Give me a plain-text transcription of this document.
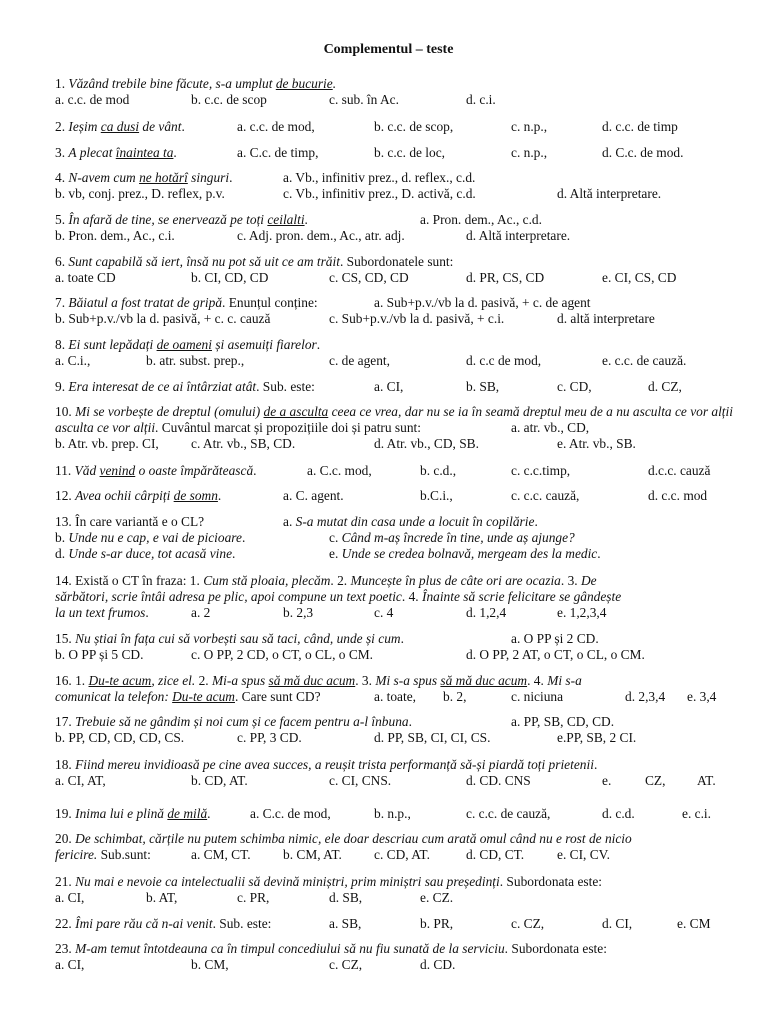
Complementul – teste
1. Văzând trebile bine făcute, s-a umplut de bucurie.
a. c.c. de mod	b. c.c. de scop	c. sub. în Ac.	d. c.i.
2. Ieșim ca dusi de vânt.	a. c.c. de mod,	b. c.c. de scop,	c. n.p.,	d. c.c. de timp
3. A plecat înaintea ta.	a. C.c. de timp,	b. c.c. de loc,	c. n.p.,	d. C.c. de mod.
4. N-avem cum ne hotărî singuri.	a. Vb., infinitiv prez., d. reflex., c.d.
b. vb, conj. prez., D. reflex, p.v.	c. Vb., infinitiv prez., D. activă, c.d.	d. Altă interpretare.
5. În afară de tine, se enervează pe toți ceilalti.	a. Pron. dem., Ac., c.d.
b. Pron. dem., Ac., c.i.	c. Adj. pron. dem., Ac., atr. adj.	d. Altă interpretare.
6. Sunt capabilă să iert, însă nu pot să uit ce am trăit. Subordonatele sunt:
a. toate CD	b. CI, CD, CD	c. CS, CD, CD	d. PR, CS, CD	e. CI, CS, CD
7. Băiatul a fost tratat de gripă. Enunțul conține:	a. Sub+p.v./vb la d. pasivă, + c. de agent
b. Sub+p.v./vb la d. pasivă, + c. c. cauză	c. Sub+p.v./vb la d. pasivă, + c.i.	d. altă interpretare
8. Ei sunt lepădați de oameni și asemuiți fiarelor.
a. C.i.,	b. atr. subst. prep.,	c. de agent,	d. c.c de mod,	e. c.c. de cauză.
9. Era interesat de ce ai întârziat atât. Sub. este:	a. CI,	b. SB,	c. CD,	d. CZ,
10. Mi se vorbește de dreptul (omului) de a asculta ceea ce vrea, dar nu se ia în seamă dreptul meu de a nu asculta ce vor alții
asculta ce vor alții. Cuvântul marcat și propozițiile doi și patru sunt:	a. atr. vb., CD,
b. Atr. vb. prep. CI, c. Atr. vb., SB, CD.	d. Atr. vb., CD, SB.	e. Atr. vb., SB.
11. Văd venind o oaste împărătească.	a. C.c. mod,	b. c.d.,	c. c.c.timp,	d.c.c. cauză
12. Avea ochii cârpiți de somn.	a. C. agent.	b.C.i.,	c. c.c. cauză,	d. c.c. mod
13. În care variantă e o CL?	a. S-a mutat din casa unde a locuit în copilărie.
b. Unde nu e cap, e vai de picioare.	c. Când m-aș încrede în tine, unde aș ajunge?
d. Unde s-ar duce, tot acasă vine.	e. Unde se credea bolnavă, mergeam des la medic.
14. Există o CT în fraza: 1. Cum stă ploaia, plecăm. 2. Muncește în plus de câte ori are ocazia. 3. De
sărbători, scrie întâi adresa pe plic, apoi compune un text poetic. 4. Înainte să scrie felicitare se gândește
la un text frumos.	a. 2	b. 2,3	c. 4	d. 1,2,4	e. 1,2,3,4
15. Nu știai în fața cui să vorbești sau să taci, când, unde și cum.	a. O PP și 2 CD.
b. O PP și 5 CD.	c. O PP, 2 CD, o CT, o CL, o CM.	d. O PP, 2 AT, o CT, o CL, o CM.
16. 1. Du-te acum, zice el. 2. Mi-a spus să mă duc acum. 3. Mi s-a spus să mă duc acum. 4. Mi s-a
comunicat la telefon: Du-te acum. Care sunt CD?	a. toate, b. 2,	c. niciuna	d. 2,3,4 e. 3,4
17. Trebuie să ne gândim și noi cum și ce facem pentru a-l înbuna.	a. PP, SB, CD, CD.
b. PP, CD, CD, CD, CS.	c. PP, 3 CD.	d. PP, SB, CI, CI, CS.	e.PP, SB, 2 CI.
18. Fiind mereu invidioasă pe cine avea succes, a reușit trista performanță să-și piardă toți prietenii.
a. CI, AT,	b. CD, AT.	c. CI, CNS.	d. CD. CNS	e.	CZ, AT.
19. Inima lui e plină de milă.	a. C.c. de mod,	b. n.p.,	c. c.c. de cauză,	d. c.d.	e. c.i.
20. De schimbat, cărțile nu putem schimba nimic, ele doar descriau cum arată omul când nu e rost de nicio
fericire. Sub.sunt:	a. CM, CT. b. CM, AT. c. CD, AT.	d. CD, CT. e. CI, CV.
21. Nu mai e nevoie ca intelectualii să devină miniștri, prim miniștri sau președinți. Subordonata este:
a. CI,	b. AT,	c. PR,	d. SB,	e. CZ.
22. Îmi pare rău că n-ai venit. Sub. este:	a. SB,	b. PR,	c. CZ,	d. CI,	e. CM
23. M-am temut întotdeauna ca în timpul concediului să nu fiu sunată de la serviciu. Subordonata este:
a. CI,	b. CM,	c. CZ,	d. CD.
